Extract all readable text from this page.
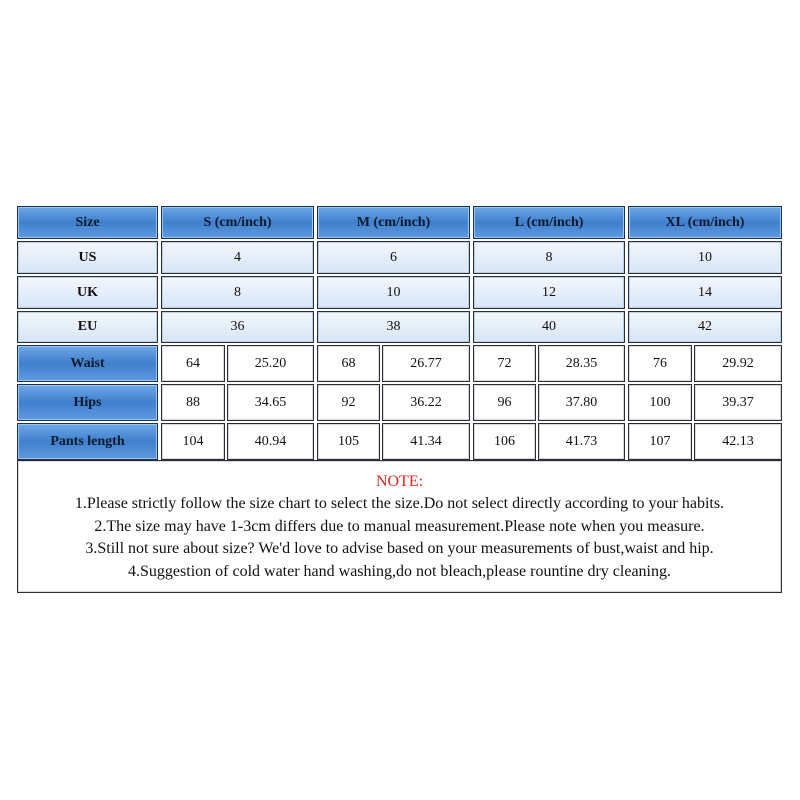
Size	S (cm/inch)	M (cm/inch)	L (cm/inch)	XL (cm/inch)
US	4	6	8	10
UK	8	10	12	14
EU	36	38	40	42
Waist	64	25.20	68	26.77	72	28.35	76	29.92
Hips	88	34.65	92	36.22	96	37.80	100	39.37
Pants length	104	40.94	105	41.34	106	41.73	107	42.13
NOTE:
1.Please strictly follow the size chart to select the size.Do not select directly according to your habits.
2.The size may have 1-3cm differs due to manual measurement.Please note when you measure.
3.Still not sure about size? We'd love to advise based on your measurements of bust,waist and hip.
4.Suggestion of cold water hand washing,do not bleach,please rountine dry cleaning.
